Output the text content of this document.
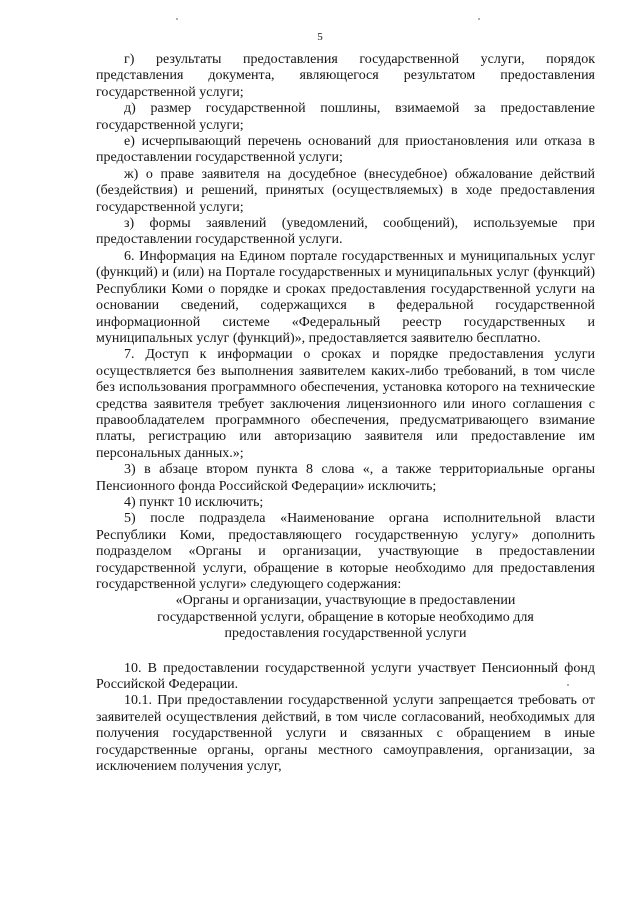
5

г) результаты предоставления государственной услуги, порядок представления документа, являющегося результатом предоставления государственной услуги;

д) размер государственной пошлины, взимаемой за предоставление государственной услуги;

е) исчерпывающий перечень оснований для приостановления или отказа в предоставлении государственной услуги;

ж) о праве заявителя на досудебное (внесудебное) обжалование действий (бездействия) и решений, принятых (осуществляемых) в ходе предоставления государственной услуги;

з) формы заявлений (уведомлений, сообщений), используемые при предоставлении государственной услуги.

6. Информация на Едином портале государственных и муниципальных услуг (функций) и (или) на Портале государственных и муниципальных услуг (функций) Республики Коми о порядке и сроках предоставления государственной услуги на основании сведений, содержащихся в федеральной государственной информационной системе «Федеральный реестр государственных и муниципальных услуг (функций)», предоставляется заявителю бесплатно.

7. Доступ к информации о сроках и порядке предоставления услуги осуществляется без выполнения заявителем каких-либо требований, в том числе без использования программного обеспечения, установка которого на технические средства заявителя требует заключения лицензионного или иного соглашения с правообладателем программного обеспечения, предусматривающего взимание платы, регистрацию или авторизацию заявителя или предоставление им персональных данных.»;

3) в абзаце втором пункта 8 слова «, а также территориальные органы Пенсионного фонда Российской Федерации» исключить;

4) пункт 10 исключить;

5) после подраздела «Наименование органа исполнительной власти Республики Коми, предоставляющего государственную услугу» дополнить подразделом «Органы и организации, участвующие в предоставлении государственной услуги, обращение в которые необходимо для предоставления государственной услуги» следующего содержания:

«Органы и организации, участвующие в предоставлении

государственной услуги, обращение в которые необходимо для

предоставления государственной услуги

10. В предоставлении государственной услуги участвует Пенсионный фонд Российской Федерации.

10.1. При предоставлении государственной услуги запрещается требовать от заявителей осуществления действий, в том числе согласований, необходимых для получения государственной услуги и связанных с обращением в иные государственные органы, органы местного самоуправления, организации, за исключением получения услуг,
